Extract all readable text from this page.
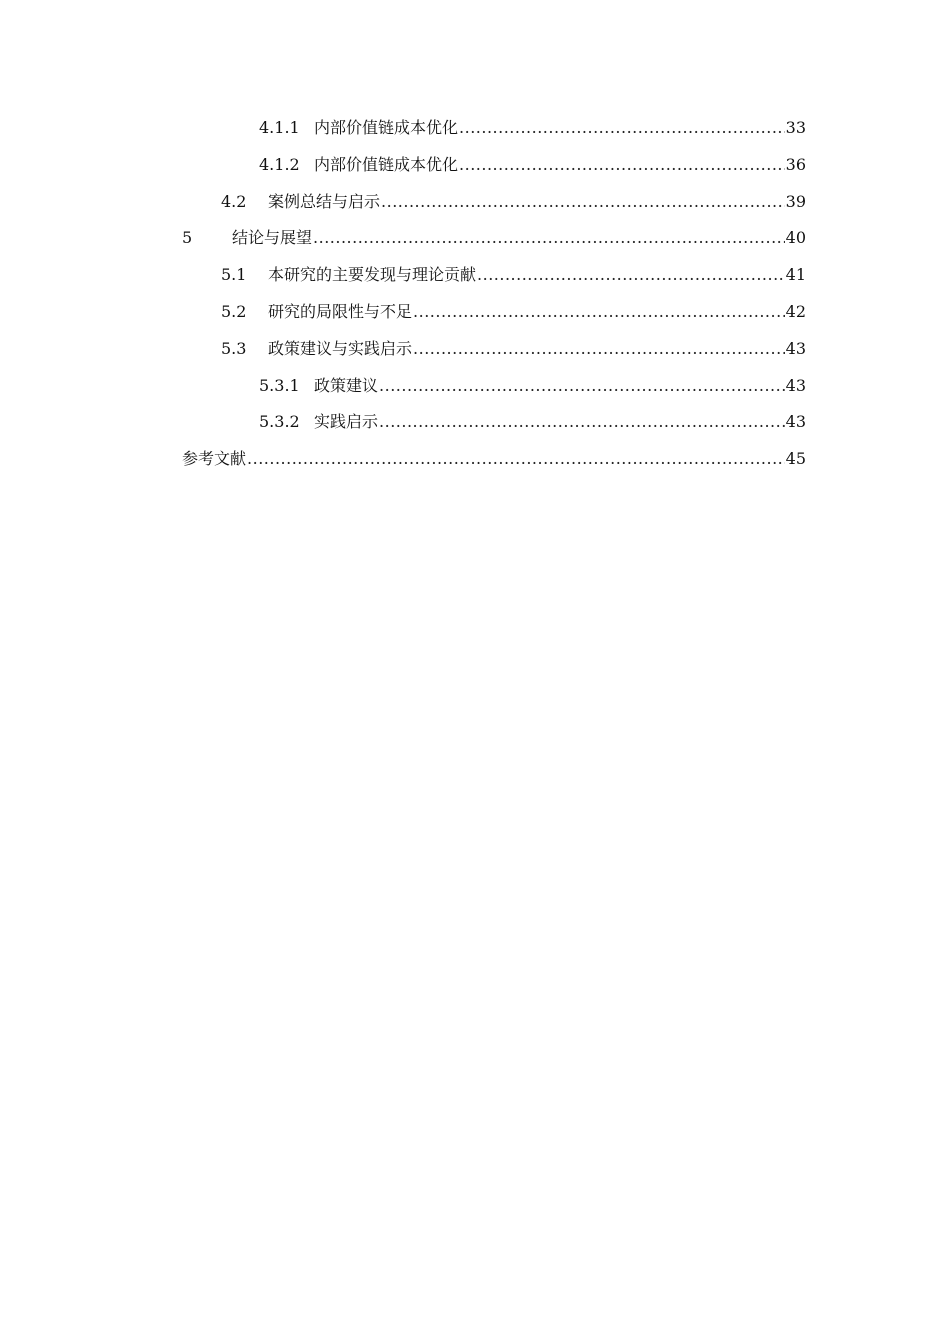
4.1.1 内部价值链成本优化 .....	33
4.1.2 内部价值链成本优化 .....	36
4.2	案例总结与启示 .....	39
5	结论与展望 .....	40
5.1	本研究的主要发现与理论贡献 .....	41
5.2	研究的局限性与不足 .....	42
5.3	政策建议与实践启示 .....	43
5.3.1 政策建议 .....	43
5.3.2 实践启示 .....	43
参考文献 .....	45
